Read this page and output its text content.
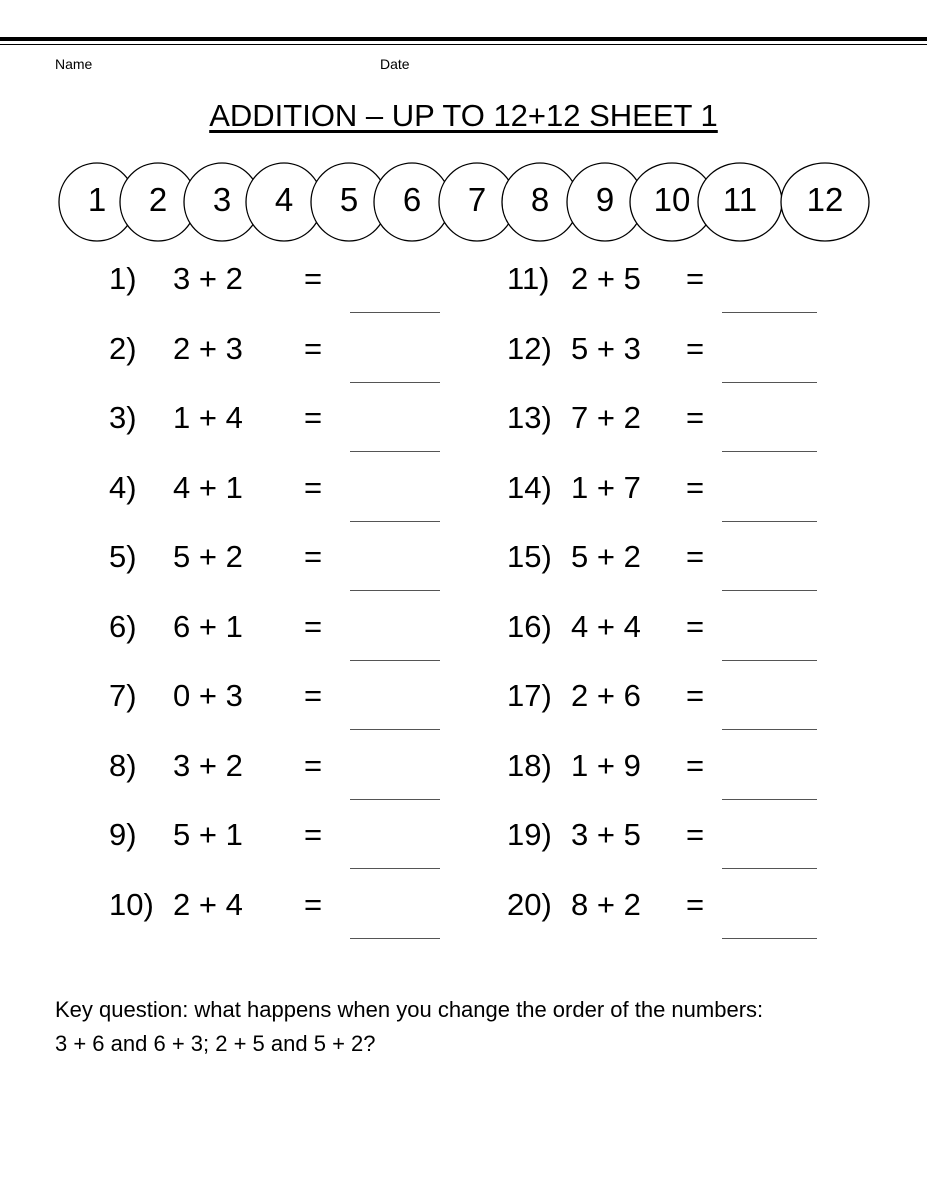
Name	Date
ADDITION – UP TO 12+12 SHEET 1
1 2 3 4 5 6 7 8 9 10 11 12
1) 3 + 2 =
2) 2 + 3 =
3) 1 + 4 =
4) 4 + 1 =
5) 5 + 2 =
6) 6 + 1 =
7) 0 + 3 =
8) 3 + 2 =
9) 5 + 1 =
10) 2 + 4 =
11) 2 + 5 =
12) 5 + 3 =
13) 7 + 2 =
14) 1 + 7 =
15) 5 + 2 =
16) 4 + 4 =
17) 2 + 6 =
18) 1 + 9 =
19) 3 + 5 =
20) 8 + 2 =
Key question: what happens when you change the order of the numbers:
3 + 6 and 6 + 3; 2 + 5 and 5 + 2?
